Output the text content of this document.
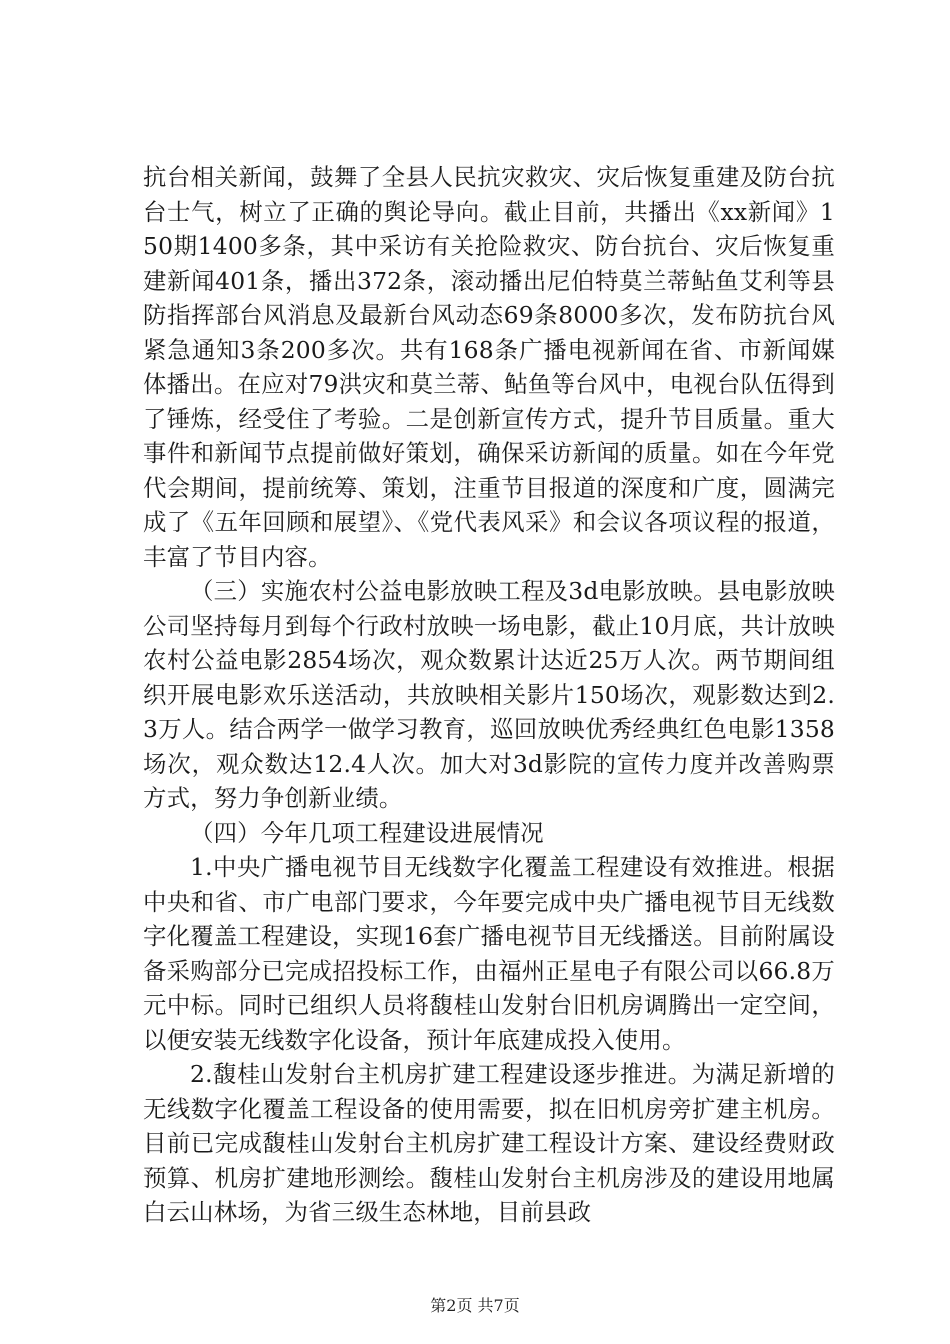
抗台相关新闻，鼓舞了全县人民抗灾救灾、灾后恢复重建及防台抗台士气，树立了正确的舆论导向。截止目前，共播出《xx新闻》150期1400多条，其中采访有关抢险救灾、防台抗台、灾后恢复重建新闻401条，播出372条，滚动播出尼伯特莫兰蒂鲇鱼艾利等县防指挥部台风消息及最新台风动态69条8000多次，发布防抗台风紧急通知3条200多次。共有168条广播电视新闻在省、市新闻媒体播出。在应对79洪灾和莫兰蒂、鲇鱼等台风中，电视台队伍得到了锤炼，经受住了考验。二是创新宣传方式，提升节目质量。重大事件和新闻节点提前做好策划，确保采访新闻的质量。如在今年党代会期间，提前统筹、策划，注重节目报道的深度和广度，圆满完成了《五年回顾和展望》、《党代表风采》和会议各项议程的报道，丰富了节目内容。

（三）实施农村公益电影放映工程及3d电影放映。县电影放映公司坚持每月到每个行政村放映一场电影，截止10月底，共计放映农村公益电影2854场次，观众数累计达近25万人次。两节期间组织开展电影欢乐送活动，共放映相关影片150场次，观影数达到2.3万人。结合两学一做学习教育，巡回放映优秀经典红色电影1358场次，观众数达12.4人次。加大对3d影院的宣传力度并改善购票方式，努力争创新业绩。

（四）今年几项工程建设进展情况

1.中央广播电视节目无线数字化覆盖工程建设有效推进。根据中央和省、市广电部门要求，今年要完成中央广播电视节目无线数字化覆盖工程建设，实现16套广播电视节目无线播送。目前附属设备采购部分已完成招投标工作，由福州正星电子有限公司以66.8万元中标。同时已组织人员将馥桂山发射台旧机房调腾出一定空间，以便安装无线数字化设备，预计年底建成投入使用。

2.馥桂山发射台主机房扩建工程建设逐步推进。为满足新增的无线数字化覆盖工程设备的使用需要，拟在旧机房旁扩建主机房。目前已完成馥桂山发射台主机房扩建工程设计方案、建设经费财政预算、机房扩建地形测绘。馥桂山发射台主机房涉及的建设用地属白云山林场，为省三级生态林地，目前县政

第2页 共7页
